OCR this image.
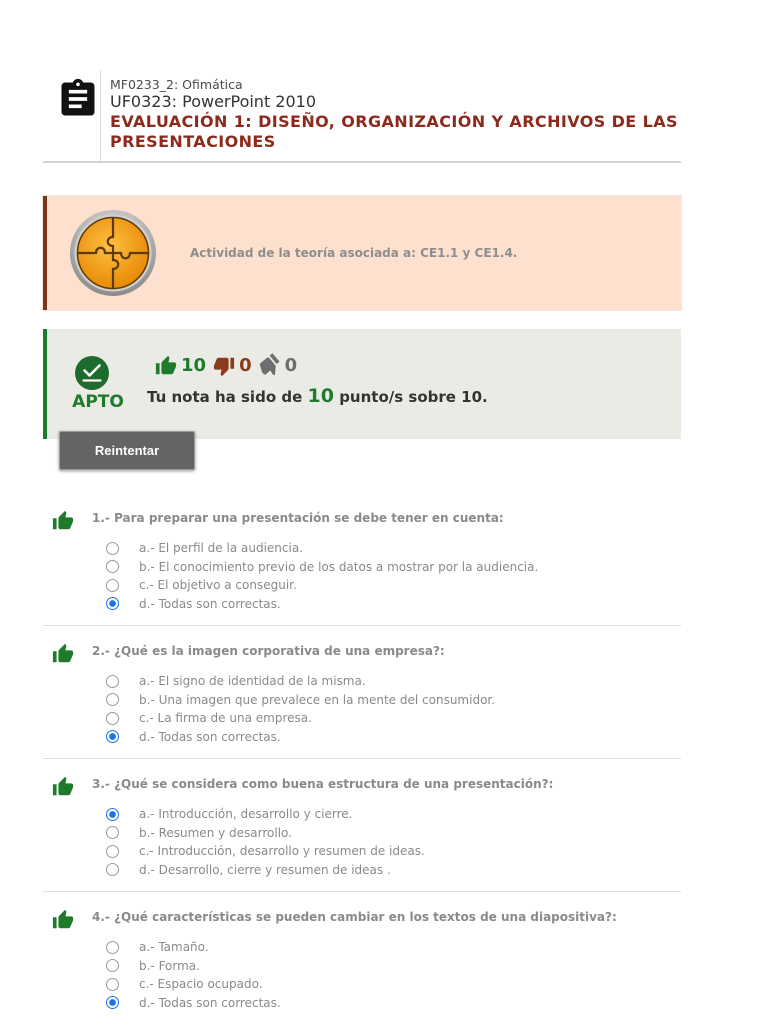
MF0233_2: Ofimática
UF0323: PowerPoint 2010
EVALUACIÓN 1: DISEÑO, ORGANIZACIÓN Y ARCHIVOS DE LAS PRESENTACIONES
Actividad de la teoría asociada a: CE1.1 y CE1.4.
APTO
10 0 0
Tu nota ha sido de 10 punto/s sobre 10.
Reintentar
1.- Para preparar una presentación se debe tener en cuenta:
a.- El perfil de la audiencia.
b.- El conocimiento previo de los datos a mostrar por la audiencia.
c.- El objetivo a conseguir.
d.- Todas son correctas.
2.- ¿Qué es la imagen corporativa de una empresa?:
a.- El signo de identidad de la misma.
b.- Una imagen que prevalece en la mente del consumidor.
c.- La firma de una empresa.
d.- Todas son correctas.
3.- ¿Qué se considera como buena estructura de una presentación?:
a.- Introducción, desarrollo y cierre.
b.- Resumen y desarrollo.
c.- Introducción, desarrollo y resumen de ideas.
d.- Desarrollo, cierre y resumen de ideas .
4.- ¿Qué características se pueden cambiar en los textos de una diapositiva?:
a.- Tamaño.
b.- Forma.
c.- Espacio ocupado.
d.- Todas son correctas.
